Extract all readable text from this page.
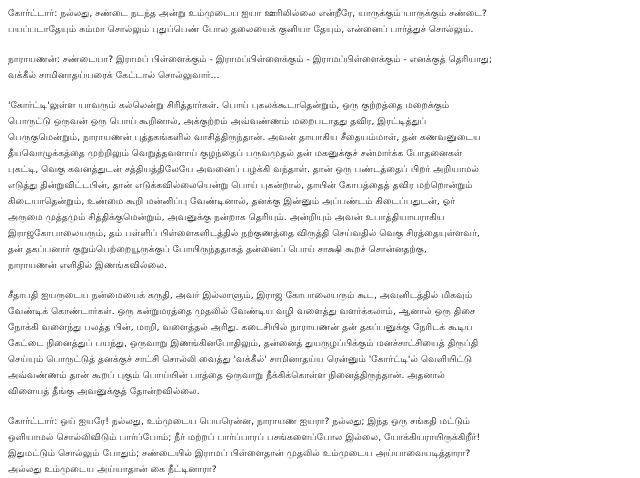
கோர்ட்டார்: நல்லது, சண்டை நடந்த அன்று உம்முடைய ஐயா ஊரிலில்லை என்றீரே, யாருக்கும் யாருக்கும் சண்டை?
பயப்படாதேயும் சும்மா சொல்லும் புதுப்பெண் போல தலையைக் குனியா தேயும், என்னைப் பார்த்துச் சொல்லும்.
நாராயணன்: சண்டையா? இராமப் பிள்ளைக்கும் - இராமப்பிள்ளைக்கும் - இராமப்பிள்ளைக்கும் - எனக்குத் தெரியாது;
வக்கீல் சாமினாதய்யரைக் கேட்டால் சொல்லுவார்...
'கோர்ட்டி'லுள்ள யாவரும் கல்லென்று சிரித்தார்கள். பொய் புகலக்கூடாதென்றும், ஒரு குற்றத்தை மறைக்கும்
பொருட்டு ஒருவன் ஒரு பொய் கூறினால், அக்குற்றம் அவ்வண்ணம் மறைபடாதது தவிர, இரட்டித்துப்
பெருகுமென்றும், நாராயணன் புத்தகங்களில் வாசித்திருந்தான். அவன் தாயாகிய சீதையம்மாள், தன் கணவனுடைய
தீயவொழுக்கத்தை முற்றிலும் வெறுத்தவளாய் குழந்தைப் பருவமுதல் தன் மகனுக்குச் சன்மார்க்க போதனைகள்
புகட்டி, வெகு கவனத்துடன் சத்தியத்திலேயே அவனைப் பழக்கி வந்தாள். தான் ஒரு பண்டத்தைப் பிறர் அறியாமல்
எடுத்து தின்றுவிட்டபின், தான் எடுக்கவில்லையென்று பொய் புகன்றால், தாயின் கோபத்தைத் தவிர மற்றொன்றும்
கிடையாதென்றும், உண்மை கூறி மன்னிப்பு வேண்டினால், தனக்கு இன்னும் அப்பண்டம் கிடைப்பதுடன், ஓர்
அருமை முத்தமும் சித்திக்குமென்றும், அவனுக்கு நன்றாக தெரியும். அன்றியும் அவன் உபாத்தியாயராகிய
இராஜகோபாலையரும், தம் பள்ளிப் பிள்ளைகளிடத்தில் நற்குணத்தை விருத்தி செய்வதில் வெகு சிரத்தையுள்ளவர்,
தன் தகப்பனார் குறும்பெற்றையூருக்குப் போயிருந்ததாகத் தன்னைப் பொய் சாக்ஷி கூறச் சொன்னதற்கு,
நாராயணன் எளிதில் இணங்கவில்லை.
சீதாபதி ஐயருடைய நன்மையைக் கருதி, அவர் இல்லாளும், இராஜ கோபாலையரும் கூட, அவனிடத்தில் மிகவும்
வேண்டிக் கொண்டார்கள். ஒரு கன்றுமரத்தை முதலில் வேண்டிய வழி வளைத்து வளர்க்கலாம், ஆனால் ஒரு திசை
நோக்கி வளைந்து பலத்த பின், மாறி, வளைத்தல் அரிது. கடைசியில் நாராயணன் தன் தகப்பனுக்கு நேரிடக் கூடிய
கேட்டை நினைத்துப் பயந்து, ஒருவாறு இணங்கினபோதிலும், தன்னைத் துயருழப்பிக்கும் மனச்சாட்சியைத் திருப்தி
செய்யும் பொருட்டுத் தனக்குச் சாட்சி சொல்லி வைத்து 'வக்கீல்' சாமினாதய்ய ரென்னும் 'கோர்ட்டி'ல் வெளியிட்டு
அவ்வண்ணம் தான் கூறப் புகும் பொய்யின் பாத்தை ஒருவாறு நீக்கிக்கொள்ள நினைத்திருந்தான். அதனால்
விளையத் தீங்கு அவனுக்குத் தோன்றவில்லை.
கோர்ட்டார்: ஒய் ஐயரே! நல்லது, உம்முடைய பெயரென்ன, நாராயண ஐயரா? நல்லது; இந்த ஒரு சங்கதி மட்டும்
ஒளியாமல் சொல்லிவிடும் பார்ப்போம்; நீர் மற்றப் பார்ப்பாரப் பசங்களைப்போல இல்லை, யோக்கியராயிருக்கிறீர்!
இதுமட்டும் சொல்லும் போதும்; சண்டையில் இராமப் பிள்ளைதான் முதலில் உம்முடைய அய்யாவையடித்தாரா?
அல்லது உம்முடைய அய்யாதான் கை நீட்டினாரா?
